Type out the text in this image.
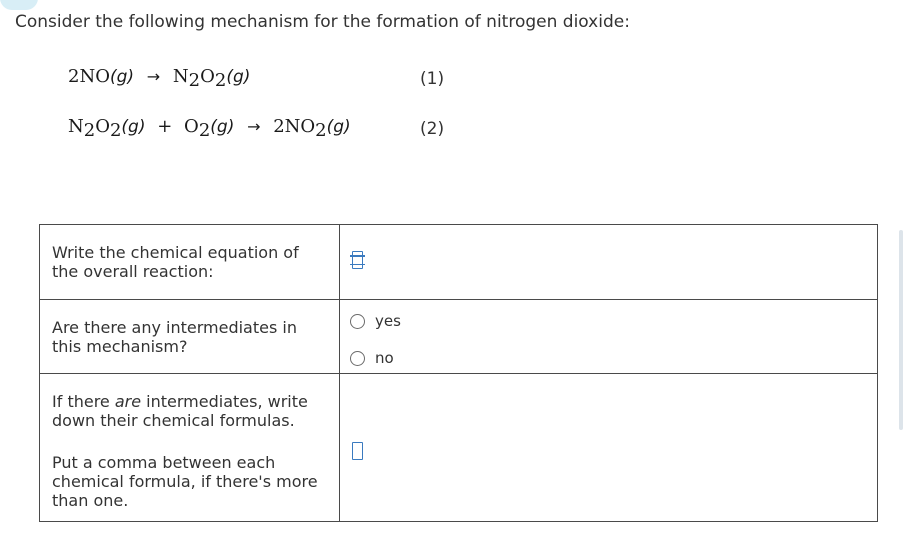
Consider the following mechanism for the formation of nitrogen dioxide:
$2NO(g) \to N_2O_2(g)$	(1)
$N_2O_2(g) + O_2(g) \to 2NO_2(g)$	(2)
Write the chemical equation of the overall reaction:	

Are there any intermediates in this mechanism?	yes
no

If there are intermediates, write down their chemical formulas.
Put a comma between each chemical formula, if there's more than one.	
